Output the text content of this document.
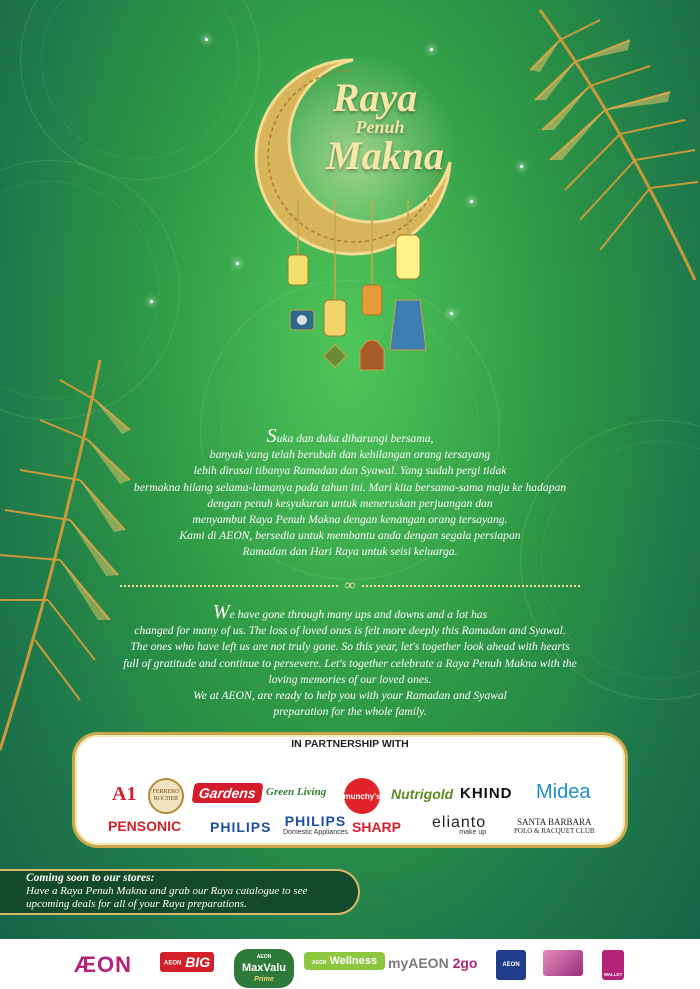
Raya
Penuh
Makna
Suka dan duka diharungi bersama,
banyak yang telah berubah dan kehilangan orang tersayang
lebih dirasai tibanya Ramadan dan Syawal. Yang sudah pergi tidak
bermakna hilang selama-lamanya pada tahun ini. Mari kita bersama-sama maju ke hadapan
dengan penuh kesyukuran untuk meneruskan perjuangan dan
menyambut Raya Penuh Makna dengan kenangan orang tersayang.
Kami di AEON, bersedia untuk membantu anda dengan segala persiapan
Ramadan dan Hari Raya untuk seisi keluarga.
∞
We have gone through many ups and downs and a lot has
changed for many of us. The loss of loved ones is felt more deeply this Ramadan and Syawal.
The ones who have left us are not truly gone. So this year, let's together look ahead with hearts
full of gratitude and continue to persevere. Let's together celebrate a Raya Penuh Makna with the
loving memories of our loved ones.
We at AEON, are ready to help you with your Ramadan and Syawal
preparation for the whole family.
IN PARTNERSHIP WITH
A1	FERRERO ROCHER	Gardens Green Living munchy's Nutrigold KHIND Midea
PENSONIC PHILIPS PHILIPS
Domestic Appliances SHARP elianto
make up
SANTA BARBARA
POLO & RACQUET CLUB
Coming soon to our stores:
Have a Raya Penuh Makna and grab our Raya catalogue to see
upcoming deals for all of your Raya preparations.
ÆON	AEON BIG	AEON
MaxValu
Prime
AEON Wellness myAEON 2go	AEON
WALLET
